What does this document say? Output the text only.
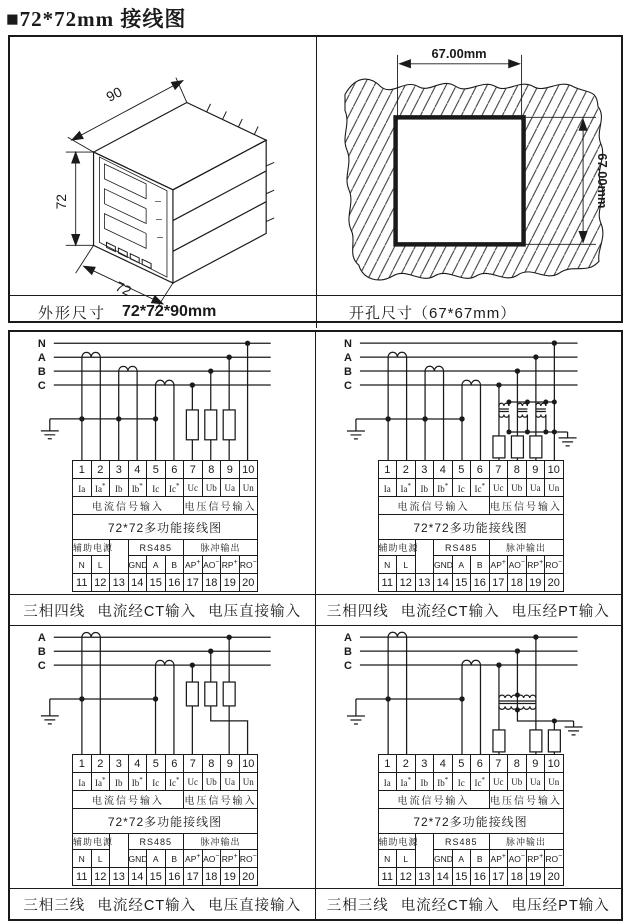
■72*72mm 接线图
90
72
72
67.00mm
67.00mm
外形尺寸 72*72*90mm	开孔尺寸（67*67mm）
N
A
B
C
1	2	3	4	5	6	7	8	9	10
Ia	Ia*	Ib	Ib*	Ic	Ic*	Uc	Ub	Ua	Un
电流信号输入						电压信号输入			
72*72多功能接线图									
辅助电源			RS485			脉冲输出			
N	L		GND	A	B	AP+	AO−	RP+	RO−
11	12	13	14	15	16	17	18	19	20
三相四线 电流经CT输入 电压直接输入
N
A
B
C
1	2	3	4	5	6	7	8	9	10
Ia	Ia*	Ib	Ib*	Ic	Ic*	Uc	Ub	Ua	Un
电流信号输入						电压信号输入			
72*72多功能接线图									
辅助电源			RS485			脉冲输出			
N	L		GND	A	B	AP+	AO−	RP+	RO−
11	12	13	14	15	16	17	18	19	20
三相四线 电流经CT输入 电压经PT输入
A
B
C
1	2	3	4	5	6	7	8	9	10
Ia	Ia*	Ib	Ib*	Ic	Ic*	Uc	Ub	Ua	Un
电流信号输入						电压信号输入			
72*72多功能接线图									
辅助电源			RS485			脉冲输出			
N	L		GND	A	B	AP+	AO−	RP+	RO−
11	12	13	14	15	16	17	18	19	20
三相三线 电流经CT输入 电压直接输入
A
B
C
1	2	3	4	5	6	7	8	9	10
Ia	Ia*	Ib	Ib*	Ic	Ic*	Uc	Ub	Ua	Un
电流信号输入						电压信号输入			
72*72多功能接线图									
辅助电源			RS485			脉冲输出			
N	L		GND	A	B	AP+	AO−	RP+	RO−
11	12	13	14	15	16	17	18	19	20
三相三线 电流经CT输入 电压经PT输入
